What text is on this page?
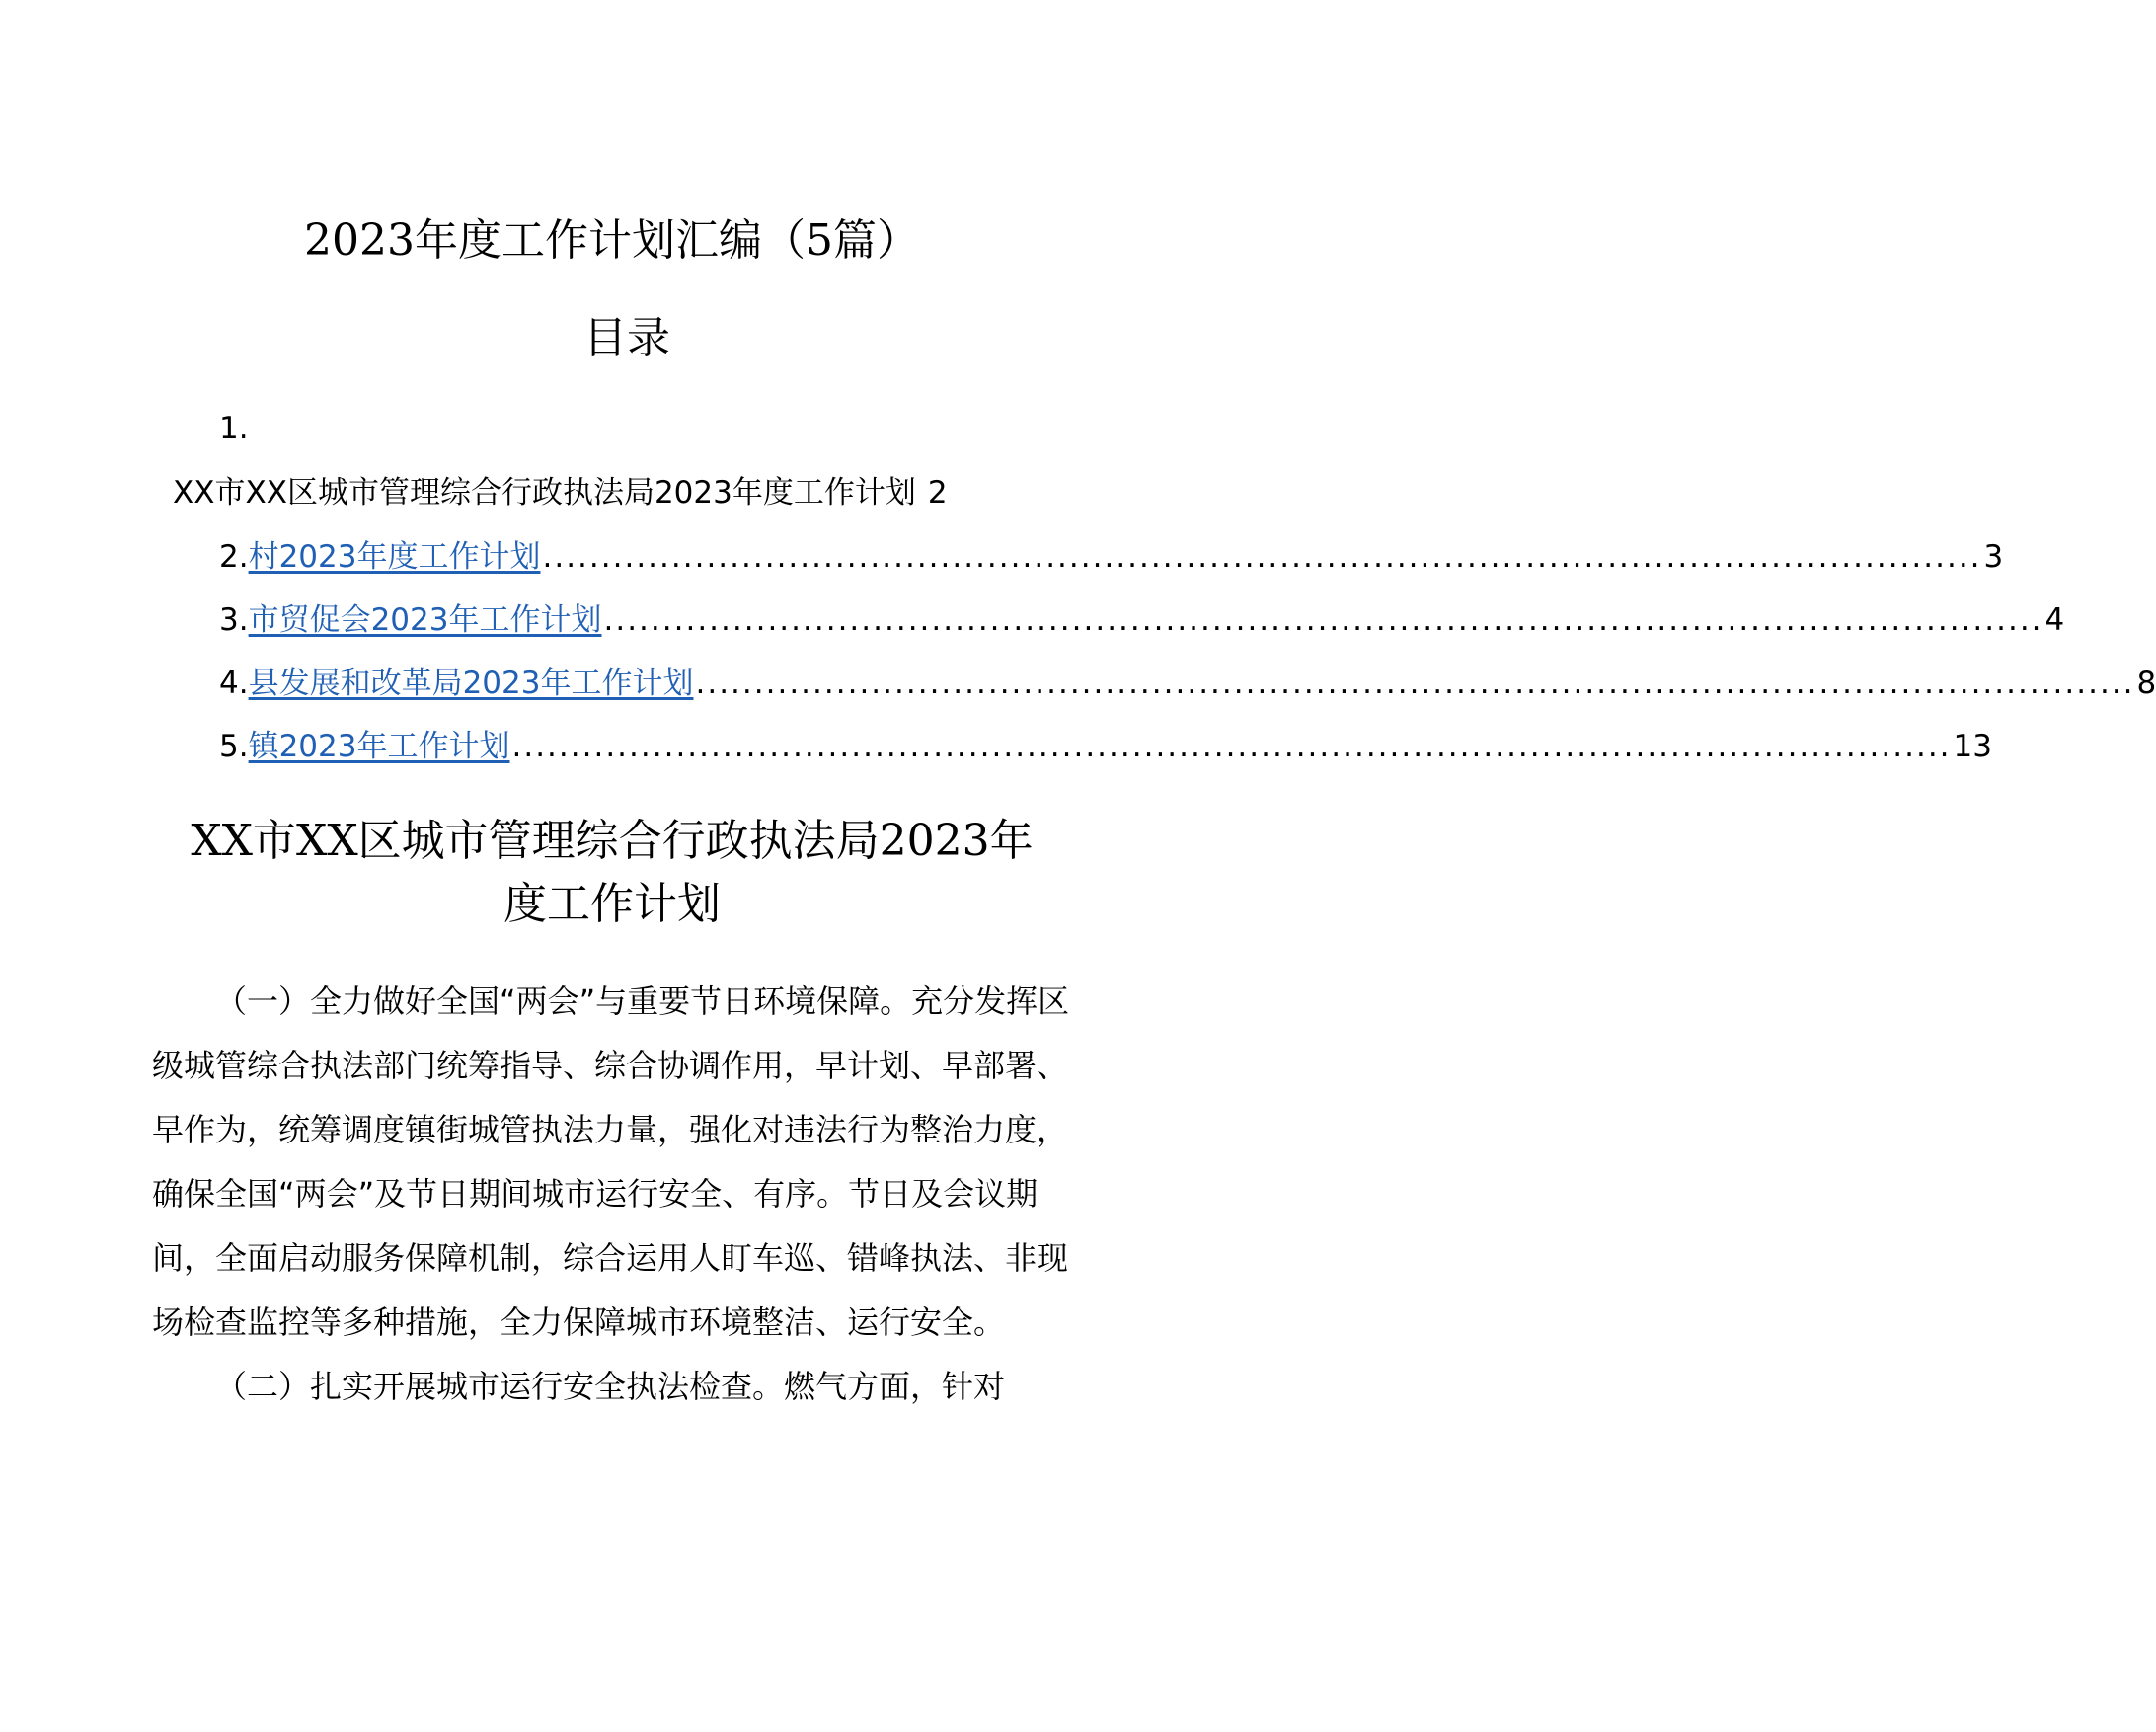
2023年度工作计划汇编（5篇）
目录
1.
XX市XX区城市管理综合行政执法局2023年度工作计划 2
2. 村2023年度工作计划 ........................................................................................................................... 3
3. 市贸促会2023年工作计划 ........................................................................................................................... 4
4. 县发展和改革局2023年工作计划 ........................................................................................................................... 8
5. 镇2023年工作计划 ........................................................................................................................... 13
XX市XX区城市管理综合行政执法局2023年
度工作计划

（一）全力做好全国“两会”与重要节日环境保障。充分发挥区级城管综合执法部门统筹指导、综合协调作用，早计划、早部署、早作为，统筹调度镇街城管执法力量，强化对违法行为整治力度，确保全国“两会”及节日期间城市运行安全、有序。节日及会议期间，全面启动服务保障机制，综合运用人盯车巡、错峰执法、非现场检查监控等多种措施，全力保障城市环境整洁、运行安全。

（二）扎实开展城市运行安全执法检查。燃气方面，针对
